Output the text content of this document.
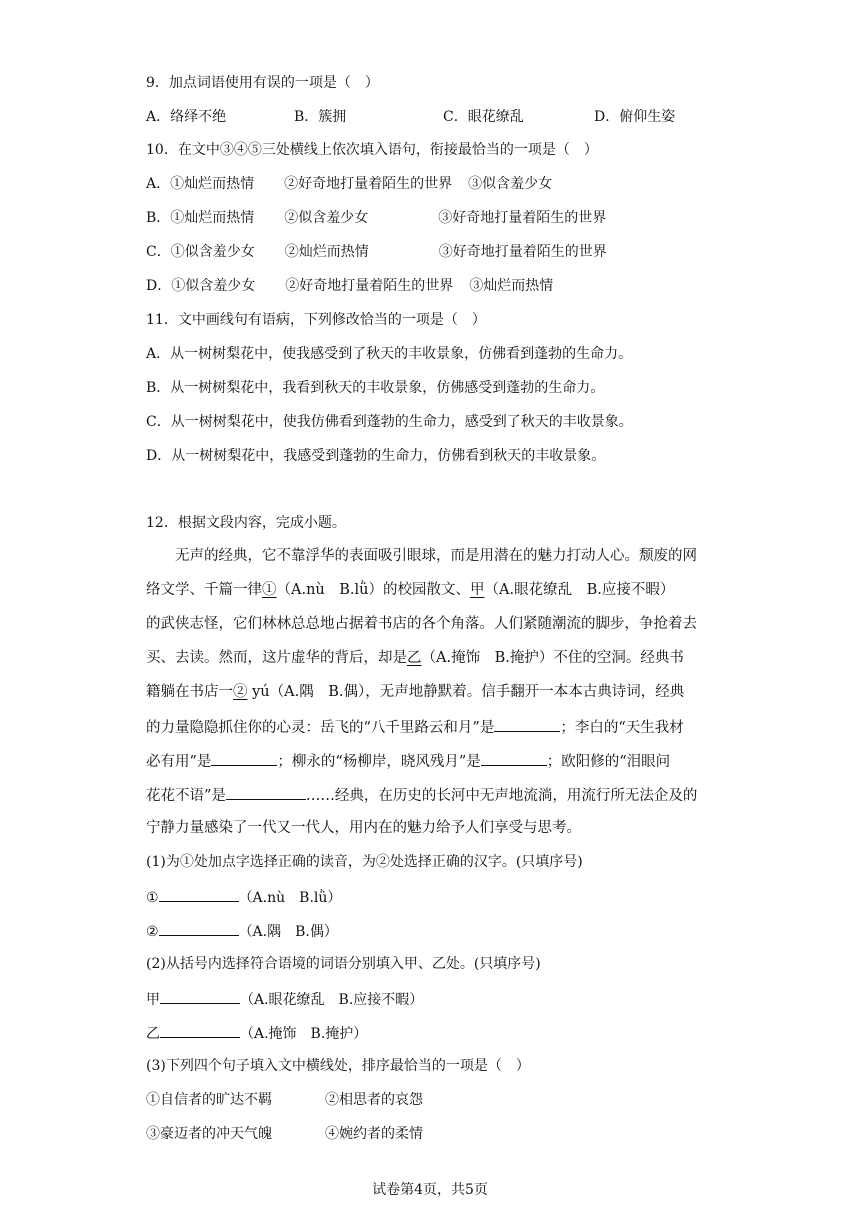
9．加点词语使用有误的一项是（　）
A．络绎不绝	B．簇拥	C．眼花缭乱	D．俯仰生姿
10．在文中③④⑤三处横线上依次填入语句，衔接最恰当的一项是（　）
A．①灿烂而热情 ②好奇地打量着陌生的世界 ③似含羞少女
B．①灿烂而热情 ②似含羞少女	③好奇地打量着陌生的世界
C．①似含羞少女 ②灿烂而热情	③好奇地打量着陌生的世界
D．①似含羞少女 ②好奇地打量着陌生的世界 ③灿烂而热情
11．文中画线句有语病，下列修改恰当的一项是（　）
A．从一树树梨花中，使我感受到了秋天的丰收景象，仿佛看到蓬勃的生命力。
B．从一树树梨花中，我看到秋天的丰收景象，仿佛感受到蓬勃的生命力。
C．从一树树梨花中，使我仿佛看到蓬勃的生命力，感受到了秋天的丰收景象。
D．从一树树梨花中，我感受到蓬勃的生命力，仿佛看到秋天的丰收景象。
12．根据文段内容，完成小题。
　　无声的经典，它不靠浮华的表面吸引眼球，而是用潜在的魅力打动人心。颓废的网
络文学、千篇一律①（A.nù　B.lǜ）的校园散文、甲（A.眼花缭乱　B.应接不暇）
的武侠志怪，它们林林总总地占据着书店的各个角落。人们紧随潮流的脚步，争抢着去
买、去读。然而，这片虚华的背后，却是乙（A.掩饰　B.掩护）不住的空洞。经典书
籍躺在书店一② yú（A.隅　B.偶），无声地静默着。信手翻开一本本古典诗词，经典
的力量隐隐抓住你的心灵：岳飞的“八千里路云和月”是	；李白的“天生我材
必有用”是	；柳永的“杨柳岸，晓风残月”是	；欧阳修的“泪眼问
花花不语”是	……经典，在历史的长河中无声地流淌，用流行所无法企及的
宁静力量感染了一代又一代人，用内在的魅力给予人们享受与思考。
(1)为①处加点字选择正确的读音，为②处选择正确的汉字。(只填序号)
①	（A.nù　B.lǜ）
②	（A.隅　B.偶）
(2)从括号内选择符合语境的词语分别填入甲、乙处。(只填序号)
甲	（A.眼花缭乱　B.应接不暇）
乙	（A.掩饰　B.掩护）
(3)下列四个句子填入文中横线处，排序最恰当的一项是（　）
①自信者的旷达不羁	②相思者的哀怨
③豪迈者的冲天气魄	④婉约者的柔情
试卷第4页，共5页
